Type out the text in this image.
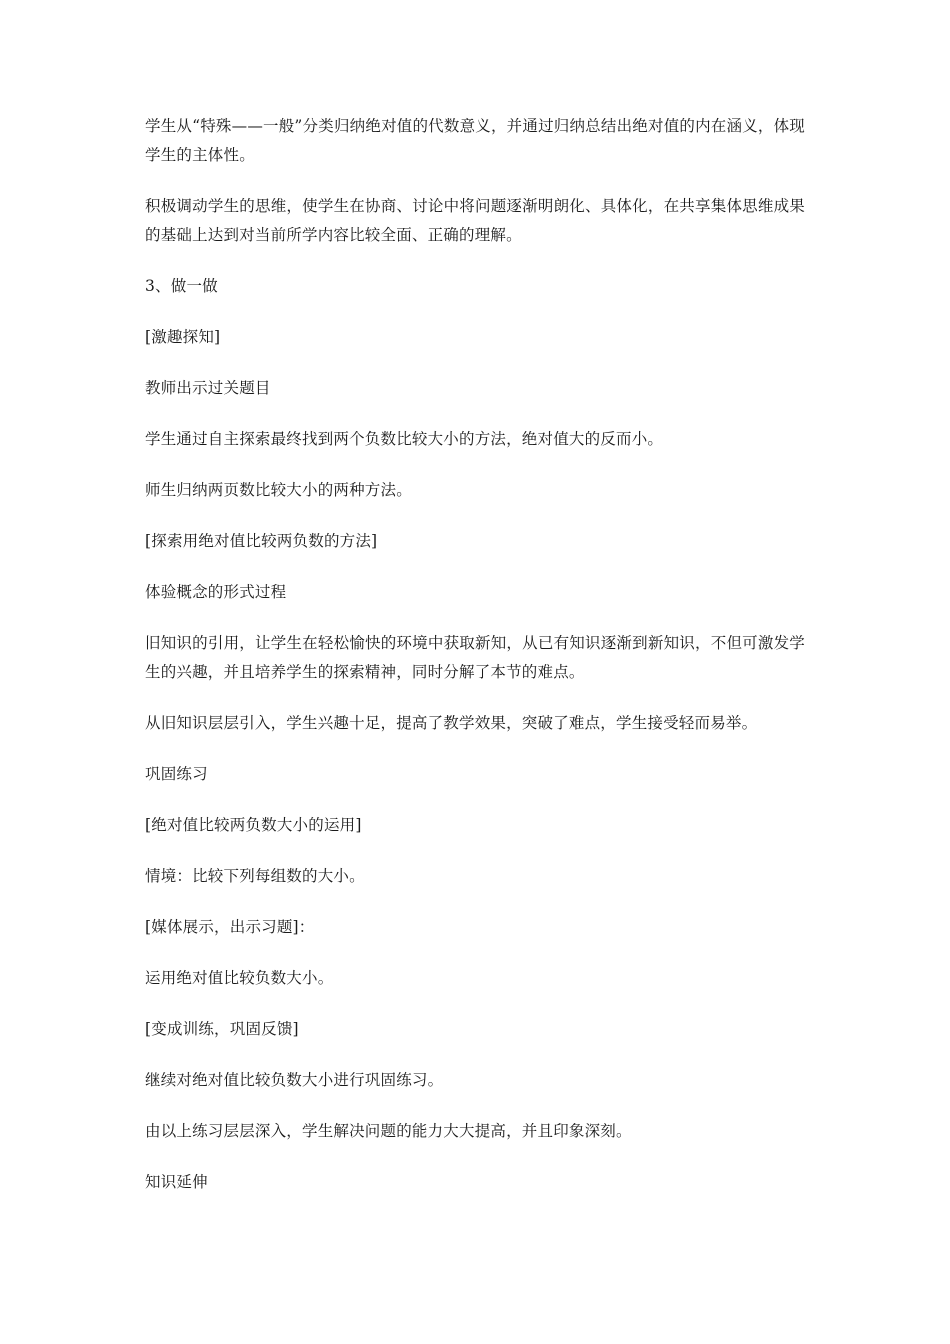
学生从“特殊——一般”分类归纳绝对值的代数意义，并通过归纳总结出绝对值的内在涵义，体现学生的主体性。

积极调动学生的思维，使学生在协商、讨论中将问题逐渐明朗化、具体化，在共享集体思维成果的基础上达到对当前所学内容比较全面、正确的理解。

3、做一做

[激趣探知]

教师出示过关题目

学生通过自主探索最终找到两个负数比较大小的方法，绝对值大的反而小。

师生归纳两页数比较大小的两种方法。

[探索用绝对值比较两负数的方法]

体验概念的形式过程

旧知识的引用，让学生在轻松愉快的环境中获取新知，从已有知识逐渐到新知识，不但可激发学生的兴趣，并且培养学生的探索精神，同时分解了本节的难点。

从旧知识层层引入，学生兴趣十足，提高了教学效果，突破了难点，学生接受轻而易举。

巩固练习

[绝对值比较两负数大小的运用]

情境：比较下列每组数的大小。

[媒体展示，出示习题]：

运用绝对值比较负数大小。

[变成训练，巩固反馈]

继续对绝对值比较负数大小进行巩固练习。

由以上练习层层深入，学生解决问题的能力大大提高，并且印象深刻。

知识延伸
